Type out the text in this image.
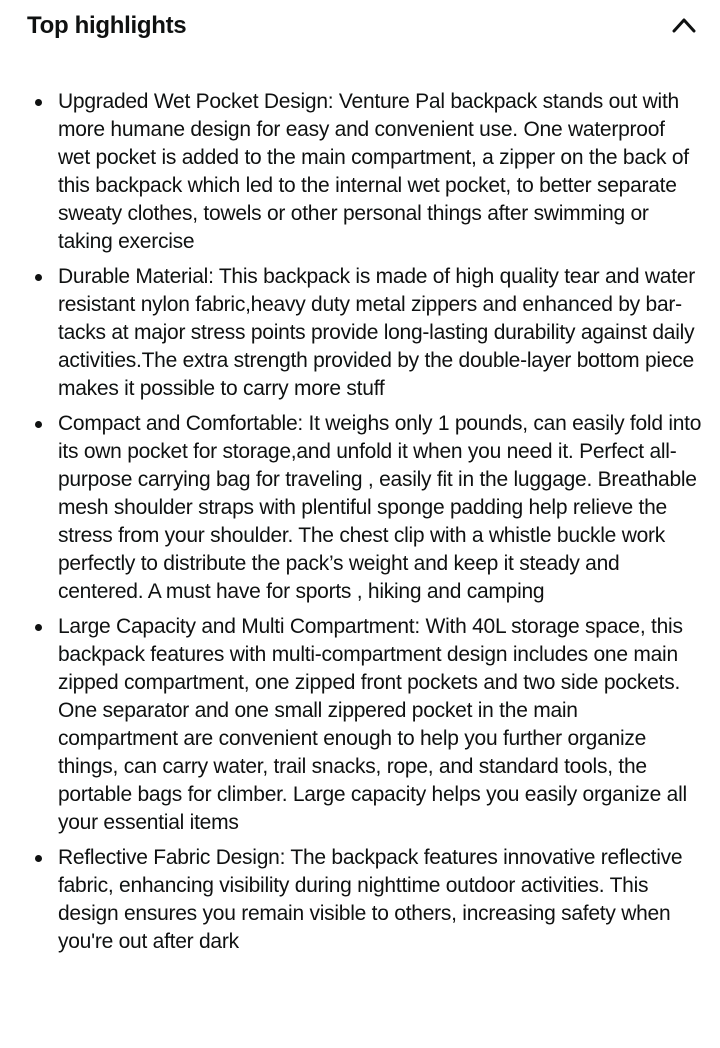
Top highlights
Upgraded Wet Pocket Design: Venture Pal backpack stands out with more humane design for easy and convenient use. One waterproof wet pocket is added to the main compartment, a zipper on the back of this backpack which led to the internal wet pocket, to better separate sweaty clothes, towels or other personal things after swimming or taking exercise
Durable Material: This backpack is made of high quality tear and water resistant nylon fabric,heavy duty metal zippers and enhanced by bar-tacks at major stress points provide long-lasting durability against daily activities.The extra strength provided by the double-layer bottom piece makes it possible to carry more stuff
Compact and Comfortable: It weighs only 1 pounds, can easily fold into its own pocket for storage,and unfold it when you need it. Perfect all-purpose carrying bag for traveling , easily fit in the luggage. Breathable mesh shoulder straps with plentiful sponge padding help relieve the stress from your shoulder. The chest clip with a whistle buckle work perfectly to distribute the pack’s weight and keep it steady and centered. A must have for sports , hiking and camping
Large Capacity and Multi Compartment: With 40L storage space, this backpack features with multi-compartment design includes one main zipped compartment, one zipped front pockets and two side pockets. One separator and one small zippered pocket in the main compartment are convenient enough to help you further organize things, can carry water, trail snacks, rope, and standard tools, the portable bags for climber. Large capacity helps you easily organize all your essential items
Reflective Fabric Design: The backpack features innovative reflective fabric, enhancing visibility during nighttime outdoor activities. This design ensures you remain visible to others, increasing safety when you're out after dark
